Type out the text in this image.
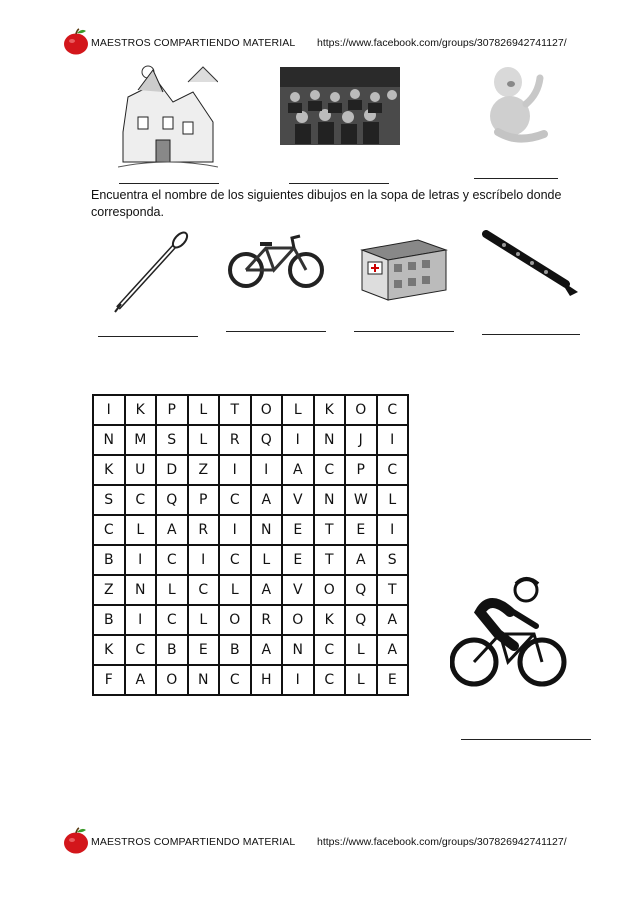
MAESTROS COMPARTIENDO MATERIAL https://www.facebook.com/groups/307826942741127/
Encuentra el nombre de los siguientes dibujos en la sopa de letras y escríbelo donde corresponda.
I	K	P	L	T	O	L	K	O	C
N	M	S	L	R	Q	I	N	J	I
K	U	D	Z	I	I	A	C	P	C
S	C	Q	P	C	A	V	N	W	L
C	L	A	R	I	N	E	T	E	I
B	I	C	I	C	L	E	T	A	S
Z	N	L	C	L	A	V	O	Q	T
B	I	C	L	O	R	O	K	Q	A
K	C	B	E	B	A	N	C	L	A
F	A	O	N	C	H	I	C	L	E
MAESTROS COMPARTIENDO MATERIAL https://www.facebook.com/groups/307826942741127/
